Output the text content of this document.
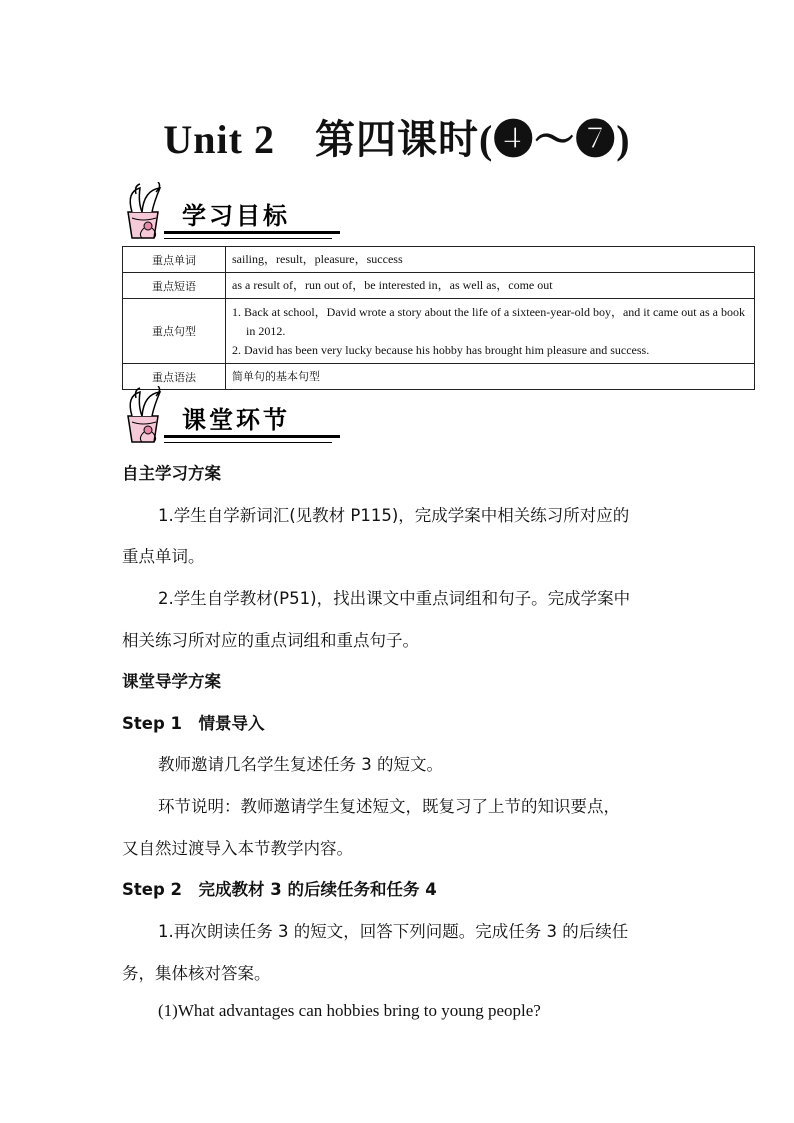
Unit 2 第四课时(❹～❼)
学习目标
重点单词	sailing，result，pleasure，success
重点短语	as a result of，run out of，be interested in，as well as，come out
重点句型	1. Back at school，David wrote a story about the life of a sixteen-year-old boy，and it came out as a book in 2012.
2. David has been very lucky because his hobby has brought him pleasure and success.

重点语法	简单句的基本句型
课堂环节
自主学习方案
1.学生自学新词汇(见教材 P115)，完成学案中相关练习所对应的
重点单词。
2.学生自学教材(P51)，找出课文中重点词组和句子。完成学案中
相关练习所对应的重点词组和重点句子。
课堂导学方案
Step 1　情景导入
教师邀请几名学生复述任务 3 的短文。
环节说明：教师邀请学生复述短文，既复习了上节的知识要点，
又自然过渡导入本节教学内容。
Step 2　完成教材 3 的后续任务和任务 4
1.再次朗读任务 3 的短文，回答下列问题。完成任务 3 的后续任
务，集体核对答案。
(1)What advantages can hobbies bring to young people?
